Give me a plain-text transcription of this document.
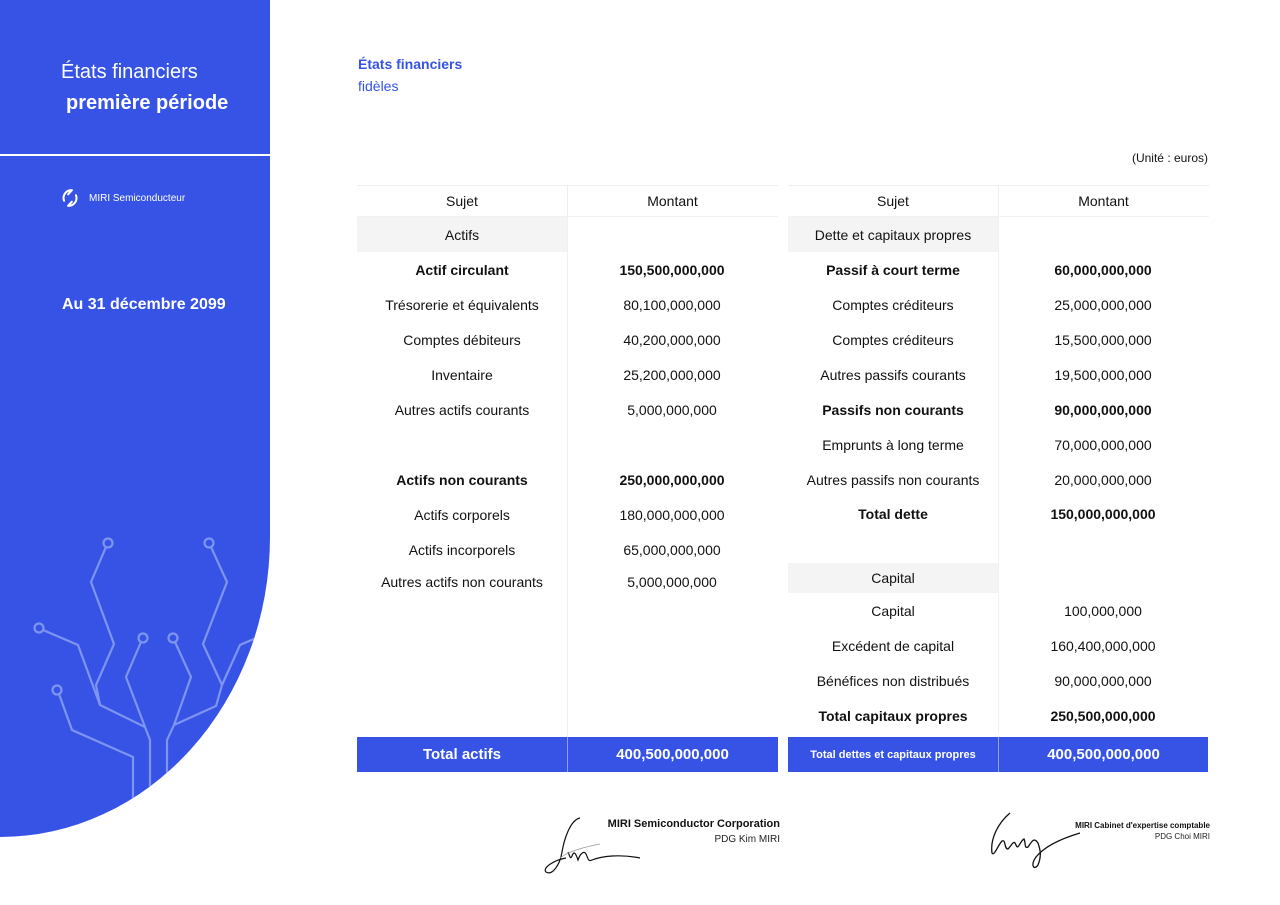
États financiers
première période
MIRI Semiconducteur
Au 31 décembre 2099
États financiers
fidèles
(Unité : euros)
Sujet	Montant
Actifs
Actif circulant	150,500,000,000
Trésorerie et équivalents	80,100,000,000
Comptes débiteurs	40,200,000,000
Inventaire	25,200,000,000
Autres actifs courants	5,000,000,000
Actifs non courants	250,000,000,000
Actifs corporels	180,000,000,000
Actifs incorporels	65,000,000,000
Autres actifs non courants	5,000,000,000
Sujet	Montant
Dette et capitaux propres
Passif à court terme	60,000,000,000
Comptes créditeurs	25,000,000,000
Comptes créditeurs	15,500,000,000
Autres passifs courants	19,500,000,000
Passifs non courants	90,000,000,000
Emprunts à long terme	70,000,000,000
Autres passifs non courants	20,000,000,000
Total dette	150,000,000,000
Capital
Capital	100,000,000
Excédent de capital	160,400,000,000
Bénéfices non distribués	90,000,000,000
Total capitaux propres	250,500,000,000
Total actifs	400,500,000,000	Total dettes et capitaux propres	400,500,000,000
MIRI Semiconductor Corporation
PDG Kim MIRI
MIRI Cabinet d'expertise comptable
PDG Choi MIRI
